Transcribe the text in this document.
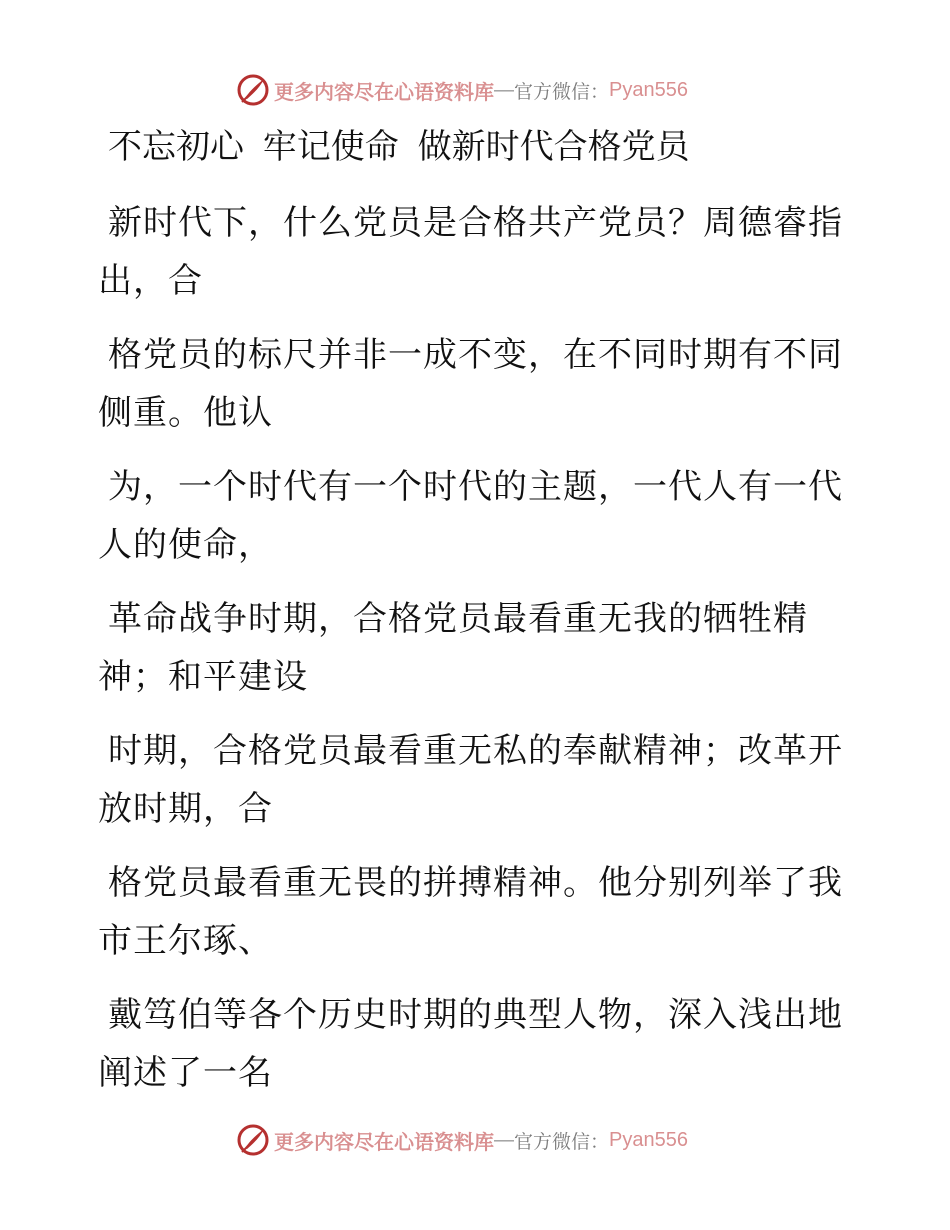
更多内容尽在心语资料库 — 官方微信： Pyan556
不忘初心 牢记使命 做新时代合格党员
新时代下，什么党员是合格共产党员？周德睿指
出，合
格党员的标尺并非一成不变，在不同时期有不同
侧重。他认
为，一个时代有一个时代的主题，一代人有一代
人的使命，
革命战争时期，合格党员最看重无我的牺牲精
神；和平建设
时期，合格党员最看重无私的奉献精神；改革开
放时期，合
格党员最看重无畏的拼搏精神。他分别列举了我
市王尔琢、
戴笃伯等各个历史时期的典型人物，深入浅出地
阐述了一名
更多内容尽在心语资料库 — 官方微信： Pyan556
